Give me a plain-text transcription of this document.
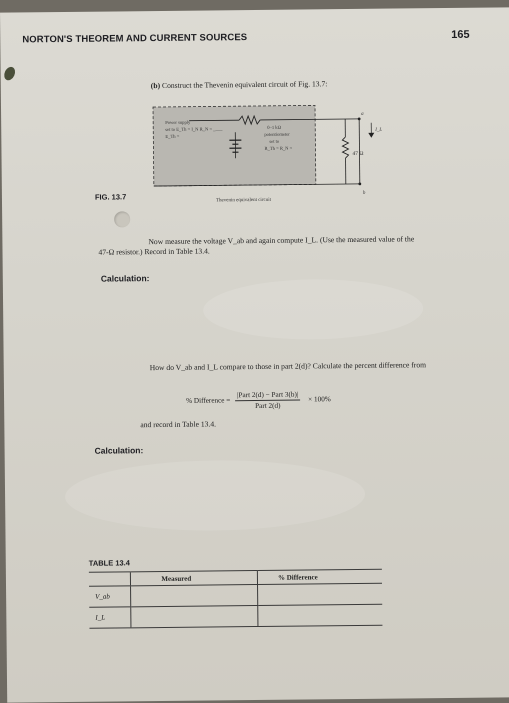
NORTON'S THEOREM AND CURRENT SOURCES	165
(b) Construct the Thevenin equivalent circuit of Fig. 13.7:
Power supply
set to E_Th = I_N R_N = ____
E_Th =
0–1 kΩ
potentiometer
set to
R_Th = R_N =
47 Ω
a
b
I_L
FIG. 13.7	Thevenin equivalent circuit
Now measure the voltage V_ab and again compute I_L. (Use the measured value of the
47-Ω resistor.) Record in Table 13.4.
Calculation:
How do V_ab and I_L compare to those in part 2(d)? Calculate the percent difference from
% Difference = $\frac{\text{|Part 2(d) − Part 3(b)|}}{\text{Part 2(d)}} \times 100\%$
and record in Table 13.4.
Calculation:
TABLE 13.4
	Measured	% Difference
V_ab		
I_L		
